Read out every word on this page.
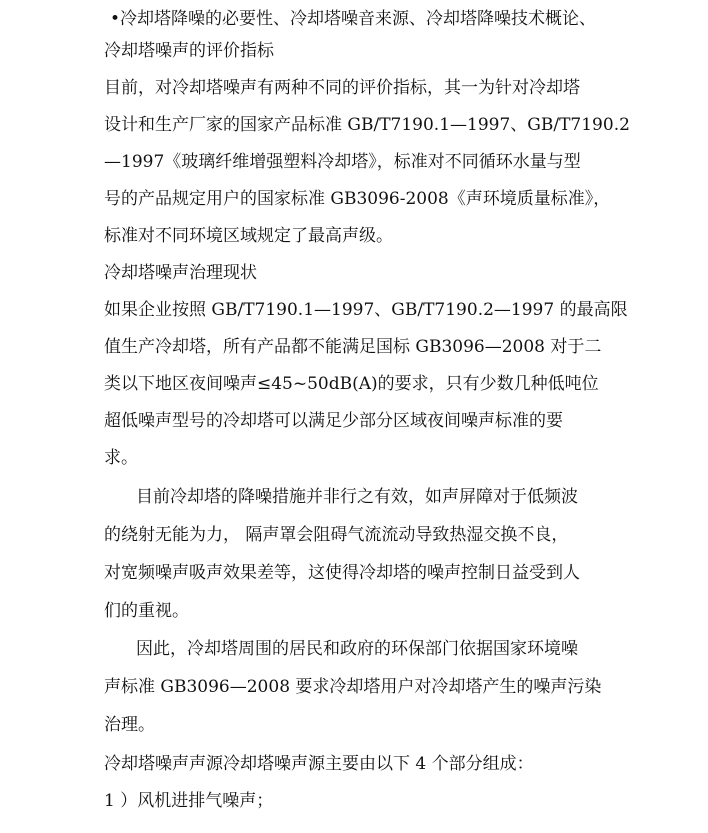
•冷却塔降噪的必要性、冷却塔噪音来源、冷却塔降噪技术概论、
冷却塔噪声的评价指标
目前，对冷却塔噪声有两种不同的评价指标，其一为针对冷却塔
设计和生产厂家的国家产品标准 GB/T7190.1—1997、GB/T7190.2
—1997《玻璃纤维增强塑料冷却塔》，标准对不同循环水量与型
号的产品规定用户的国家标准 GB3096-2008《声环境质量标准》，
标准对不同环境区域规定了最高声级。
冷却塔噪声治理现状
如果企业按照 GB/T7190.1—1997、GB/T7190.2—1997 的最高限
值生产冷却塔，所有产品都不能满足国标 GB3096—2008 对于二
类以下地区夜间噪声≤45~50dB(A)的要求，只有少数几种低吨位
超低噪声型号的冷却塔可以满足少部分区域夜间噪声标准的要
求。
目前冷却塔的降噪措施并非行之有效，如声屏障对于低频波
的绕射无能为力， 隔声罩会阻碍气流流动导致热湿交换不良，
对宽频噪声吸声效果差等，这使得冷却塔的噪声控制日益受到人
们的重视。
因此，冷却塔周围的居民和政府的环保部门依据国家环境噪
声标准 GB3096—2008 要求冷却塔用户对冷却塔产生的噪声污染
治理。
冷却塔噪声声源冷却塔噪声源主要由以下 4 个部分组成：
1 ）风机进排气噪声；
